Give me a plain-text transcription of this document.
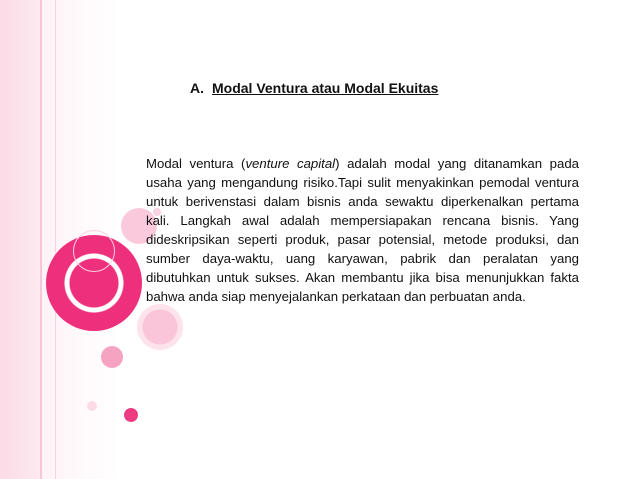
A. Modal Ventura atau Modal Ekuitas

Modal ventura (venture capital) adalah modal yang ditanamkan pada usaha yang mengandung risiko.Tapi sulit menyakinkan pemodal ventura untuk berivenstasi dalam bisnis anda sewaktu diperkenalkan pertama kali. Langkah awal adalah mempersiapakan rencana bisnis. Yang dideskripsikan seperti produk, pasar potensial, metode produksi, dan sumber daya-waktu, uang karyawan, pabrik dan peralatan yang dibutuhkan untuk sukses. Akan membantu jika bisa menunjukkan fakta bahwa anda siap menyejalankan perkataan dan perbuatan anda.
